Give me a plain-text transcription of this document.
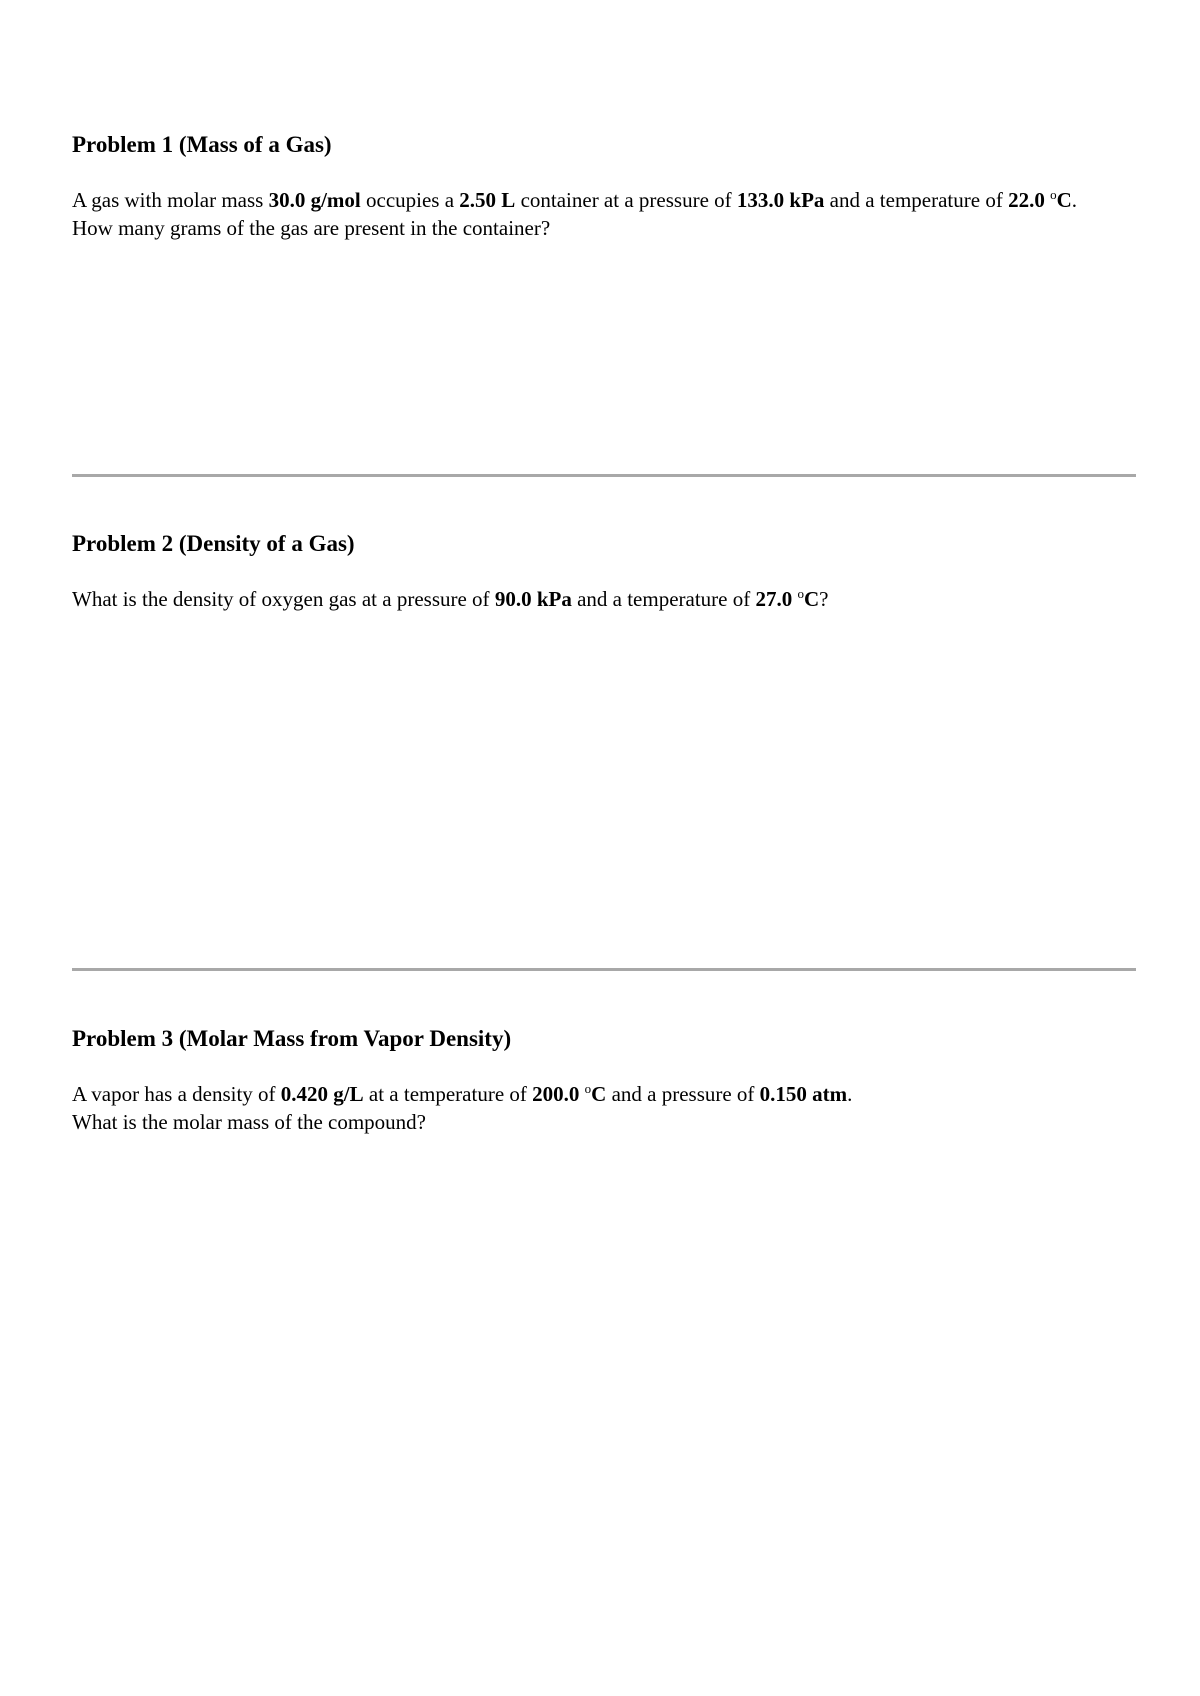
Problem 1 (Mass of a Gas)
A gas with molar mass 30.0 g/mol occupies a 2.50 L container at a pressure of 133.0 kPa and a temperature of 22.0 $^o$C.
How many grams of the gas are present in the container?
Problem 2 (Density of a Gas)
What is the density of oxygen gas at a pressure of 90.0 kPa and a temperature of 27.0 $^o$C?
Problem 3 (Molar Mass from Vapor Density)
A vapor has a density of 0.420 g/L at a temperature of 200.0 $^o$C and a pressure of 0.150 atm.
What is the molar mass of the compound?
